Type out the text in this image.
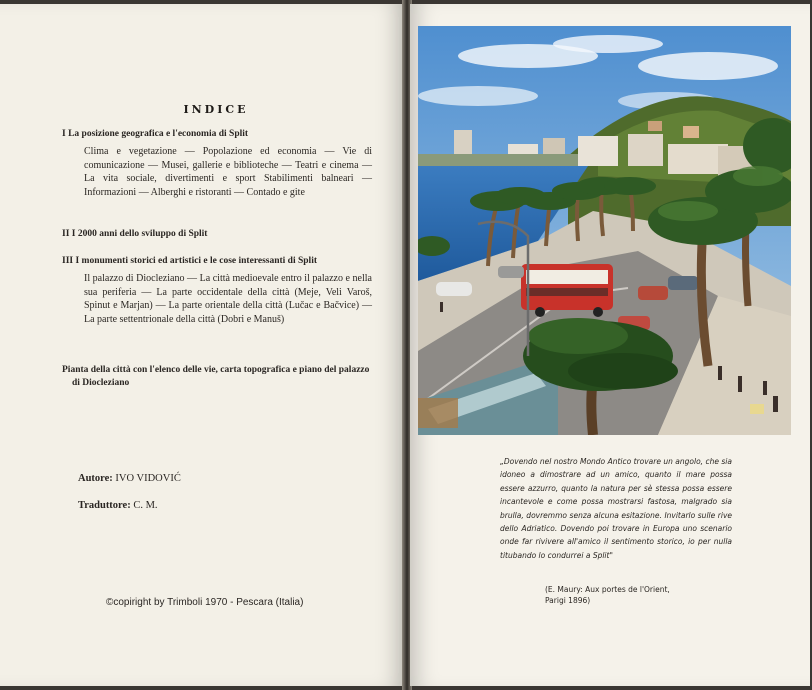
INDICE
I La posizione geografica e l'economia di Split
Clima e vegetazione — Popolazione ed economia — Vie di comunicazione — Musei, gallerie e biblioteche — Teatri e cinema — La vita sociale, divertimenti e sport Stabilimenti balneari — Informazioni — Alberghi e ristoranti — Contado e gite
II I 2000 anni dello sviluppo di Split
III I monumenti storici ed artistici e le cose interessanti di Split
Il palazzo di Diocleziano — La città medioevale entro il palazzo e nella sua periferia — La parte occidentale della città (Meje, Veli Varoš, Spinut e Marjan) — La parte orientale della città (Lučac e Bačvice) — La parte settentrionale della città (Dobri e Manuš)
Pianta della città con l'elenco delle vie, carta topografica e piano del palazzo di Diocleziano
Autore: IVO VIDOVIĆ
Traduttore: C. M.
©copiright by Trimboli 1970 - Pescara (Italia)
„Dovendo nel nostro Mondo Antico trovare un angolo, che sia idoneo a dimostrare ad un amico, quanto il mare possa essere azzurro, quanto la natura per sè stessa possa essere incantevole e come possa mostrarsi fastosa, malgrado sia brulla, dovremmo senza alcuna esitazione. Invitarlo sulle rive dello Adriatico. Dovendo poi trovare in Europa uno scenario onde far rivivere all'amico il sentimento storico, io per nulla titubando lo condurrei a Split"
(E. Maury: Aux portes de l'Orient,
Parigi 1896)
